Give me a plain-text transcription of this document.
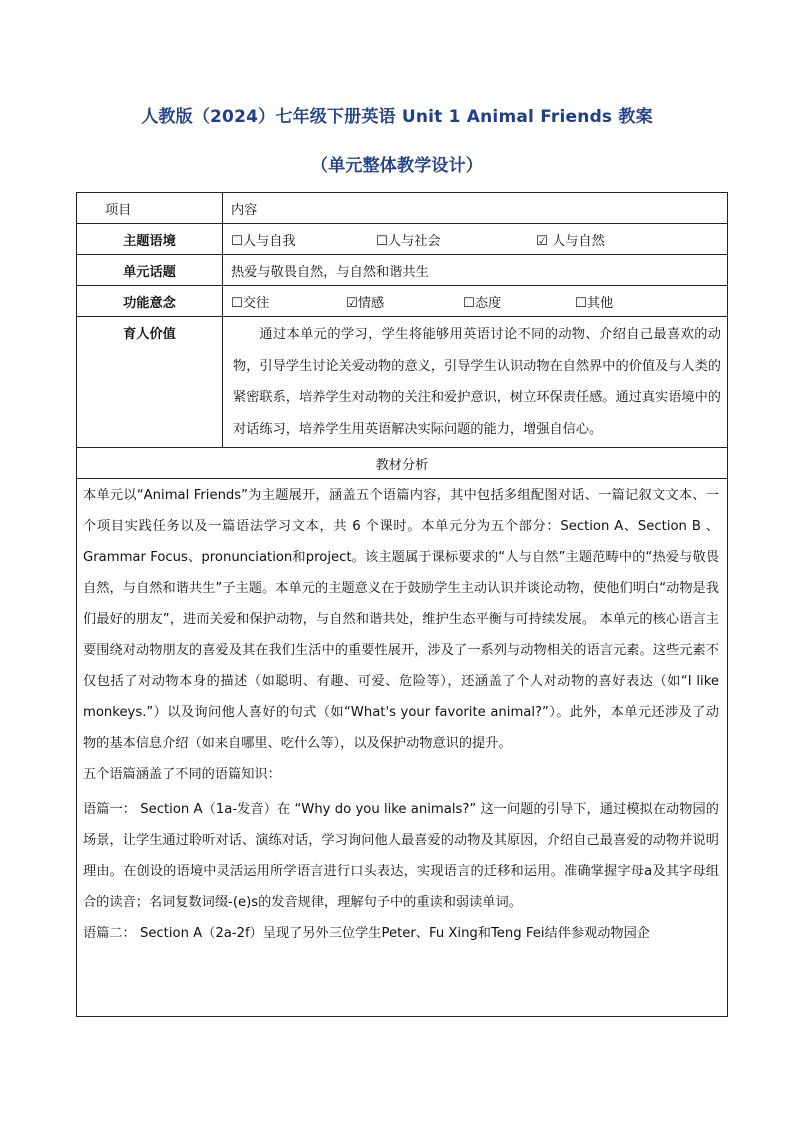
人教版（2024）七年级下册英语 Unit 1 Animal Friends 教案
（单元整体教学设计）
项目	内容
主题语境	☐人与自我 ☐人与社会 ☑ 人与自然

单元话题	热爱与敬畏自然，与自然和谐共生
功能意念	☐交往 ☑情感 ☐态度 ☐其他

育人价值	通过本单元的学习，学生将能够用英语讨论不同的动物、介绍自己最喜欢的动物，引导学生讨论关爱动物的意义，引导学生认识动物在自然界中的价值及与人类的紧密联系，培养学生对动物的关注和爱护意识，树立环保责任感。通过真实语境中的对话练习，培养学生用英语解决实际问题的能力，增强自信心。
教材分析	

本单元以“Animal Friends”为主题展开，涵盖五个语篇内容，其中包括多组配图对话、一篇记叙文文本、一个项目实践任务以及一篇语法学习文本，共 6 个课时。本单元分为五个部分：Section A、Section B 、Grammar Focus、pronunciation和project。该主题属于课标要求的“人与自然”主题范畴中的“热爱与敬畏自然，与自然和谐共生”子主题。本单元的主题意义在于鼓励学生主动认识并谈论动物，使他们明白“动物是我们最好的朋友”，进而关爱和保护动物，与自然和谐共处，维护生态平衡与可持续发展。 本单元的核心语言主要围绕对动物朋友的喜爱及其在我们生活中的重要性展开，涉及了一系列与动物相关的语言元素。这些元素不仅包括了对动物本身的描述（如聪明、有趣、可爱、危险等），还涵盖了个人对动物的喜好表达（如“I like monkeys.”）以及询问他人喜好的句式（如“What's your favorite animal?”）。此外，本单元还涉及了动物的基本信息介绍（如来自哪里、吃什么等），以及保护动物意识的提升。

五个语篇涵盖了不同的语篇知识：

语篇一： Section A（1a-发音）在 “Why do you like animals?” 这一问题的引导下，通过模拟在动物园的场景，让学生通过聆听对话、演练对话，学习询问他人最喜爱的动物及其原因，介绍自己最喜爱的动物并说明理由。在创设的语境中灵活运用所学语言进行口头表达，实现语言的迁移和运用。准确掌握字母a及其字母组合的读音；名词复数词缀-(e)s的发音规律，理解句子中的重读和弱读单词。

语篇二： Section A（2a-2f）呈现了另外三位学生Peter、Fu Xing和Teng Fei结伴参观动物园企	
